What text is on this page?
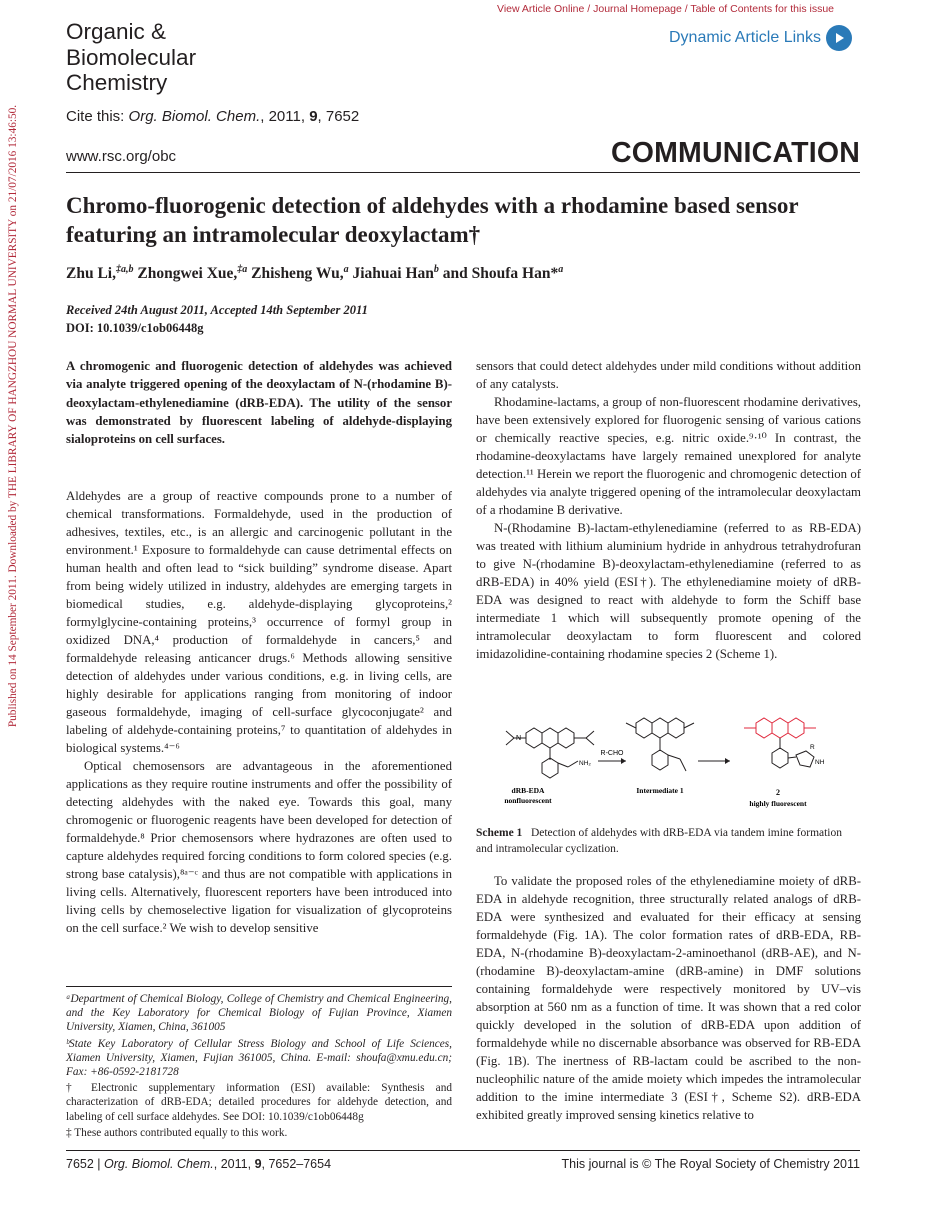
View Article Online / Journal Homepage / Table of Contents for this issue
Dynamic Article Links
Published on 14 September 2011. Downloaded by THE LIBRARY OF HANGZHOU NORMAL UNIVERSITY on 21/07/2016 13:46:50.
Organic &
Biomolecular
Chemistry
Cite this: Org. Biomol. Chem., 2011, 9, 7652
www.rsc.org/obc	COMMUNICATION
Chromo-fluorogenic detection of aldehydes with a rhodamine based sensor featuring an intramolecular deoxylactam†
Zhu Li,$^{\ddagger a,b}$ Zhongwei Xue,$^{\ddagger a}$ Zhisheng Wu,$^a$ Jiahuai Han$^b$ and Shoufa Han*$^a$
Received 24th August 2011, Accepted 14th September 2011
DOI: 10.1039/c1ob06448g
A chromogenic and fluorogenic detection of aldehydes was achieved via analyte triggered opening of the deoxylactam of N-(rhodamine B)-deoxylactam-ethylenediamine (dRB-EDA). The utility of the sensor was demonstrated by fluorescent labeling of aldehyde-displaying sialoproteins on cell surfaces.

Aldehydes are a group of reactive compounds prone to a number of chemical transformations. Formaldehyde, used in the production of adhesives, textiles, etc., is an allergic and carcinogenic pollutant in the environment.¹ Exposure to formaldehyde can cause detrimental effects on human health and often lead to “sick building” syndrome disease. Apart from being widely utilized in industry, aldehydes are emerging targets in biomedical studies, e.g. aldehyde-displaying glycoproteins,² formylglycine-containing proteins,³ occurrence of formyl group in oxidized DNA,⁴ production of formaldehyde in cancers,⁵ and formaldehyde releasing anticancer drugs.⁶ Methods allowing sensitive detection of aldehydes under various conditions, e.g. in living cells, are highly desirable for applications ranging from monitoring of indoor gaseous formaldehyde, imaging of cell-surface glycoconjugate² and labeling of aldehyde-containing proteins,⁷ to quantitation of aldehydes in biological systems.⁴⁻⁶

Optical chemosensors are advantageous in the aforementioned applications as they require routine instruments and offer the possibility of detecting aldehydes with the naked eye. Towards this goal, many chromogenic or fluorogenic reagents have been developed for detection of formaldehyde.⁸ Prior chemosensors where hydrazones are often used to capture aldehydes required forcing conditions to form colored species (e.g. strong base catalysis),⁸ᵃ⁻ᶜ and thus are not compatible with applications in living cells. Alternatively, fluorescent reporters have been introduced into living cells by chemoselective ligation for visualization of glycoproteins on the cell surface.² We wish to develop sensitive

ᵃDepartment of Chemical Biology, College of Chemistry and Chemical Engineering, and the Key Laboratory for Chemical Biology of Fujian Province, Xiamen University, Xiamen, China, 361005

ᵇState Key Laboratory of Cellular Stress Biology and School of Life Sciences, Xiamen University, Xiamen, Fujian 361005, China. E-mail: shoufa@xmu.edu.cn; Fax: +86-0592-2181728

† Electronic supplementary information (ESI) available: Synthesis and characterization of dRB-EDA; detailed procedures for aldehyde detection, and labeling of cell surface aldehydes. See DOI: 10.1039/c1ob06448g

‡ These authors contributed equally to this work.

sensors that could detect aldehydes under mild conditions without addition of any catalysts.

Rhodamine-lactams, a group of non-fluorescent rhodamine derivatives, have been extensively explored for fluorogenic sensing of various cations or chemically reactive species, e.g. nitric oxide.⁹·¹⁰ In contrast, the rhodamine-deoxylactams have largely remained unexplored for analyte detection.¹¹ Herein we report the fluorogenic and chromogenic detection of aldehydes via analyte triggered opening of the intramolecular deoxylactam of a rhodamine B derivative.

N-(Rhodamine B)-lactam-ethylenediamine (referred to as RB-EDA) was treated with lithium aluminium hydride in anhydrous tetrahydrofuran to give N-(rhodamine B)-deoxylactam-ethylenediamine (referred to as dRB-EDA) in 40% yield (ESI†). The ethylenediamine moiety of dRB-EDA was designed to react with aldehyde to form the Schiff base intermediate 1 which will subsequently promote opening of the intramolecular deoxylactam to form fluorescent and colored imidazolidine-containing rhodamine species 2 (Scheme 1).

N
NH₂
dRB-EDA
nonfluorescent
R-CHO
Intermediate 1
R
NH
2
highly fluorescent
Scheme 1 Detection of aldehydes with dRB-EDA via tandem imine formation and intramolecular cyclization.

To validate the proposed roles of the ethylenediamine moiety of dRB-EDA in aldehyde recognition, three structurally related analogs of dRB-EDA were synthesized and evaluated for their efficacy at sensing formaldehyde (Fig. 1A). The color formation rates of dRB-EDA, RB-EDA, N-(rhodamine B)-deoxylactam-2-aminoethanol (dRB-AE), and N-(rhodamine B)-deoxylactam-amine (dRB-amine) in DMF solutions containing formaldehyde were respectively monitored by UV–vis absorption at 560 nm as a function of time. It was shown that a red color quickly developed in the solution of dRB-EDA upon addition of formaldehyde while no discernable absorbance was observed for RB-EDA (Fig. 1B). The inertness of RB-lactam could be ascribed to the non-nucleophilic nature of the amide moiety which impedes the intramolecular addition to the imine intermediate 3 (ESI†, Scheme S2). dRB-EDA exhibited greatly improved sensing kinetics relative to

7652 | Org. Biomol. Chem., 2011, 9, 7652–7654	This journal is © The Royal Society of Chemistry 2011
